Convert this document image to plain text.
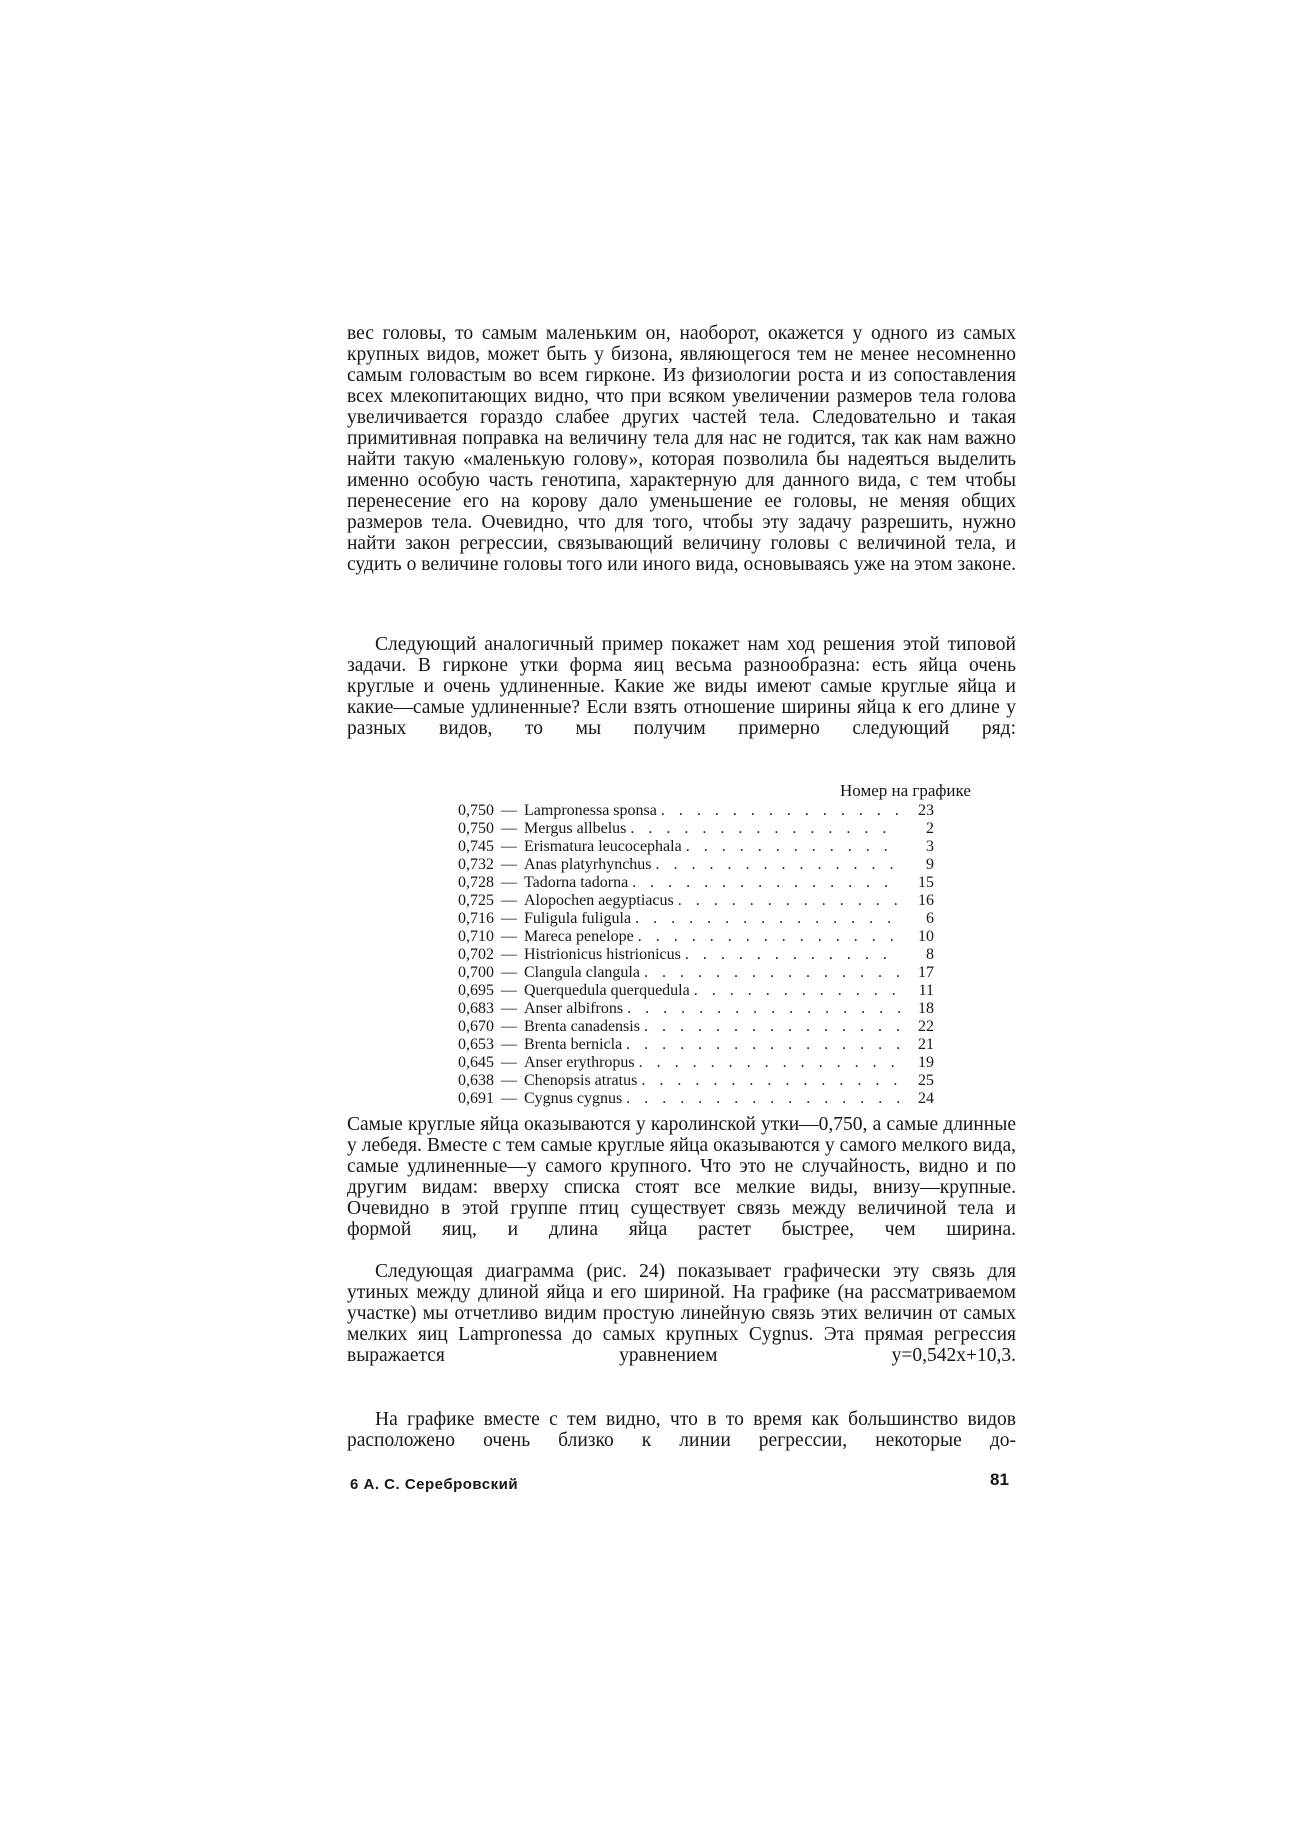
вес головы, то самым маленьким он, наоборот, окажется у одного из самых крупных видов, может быть у бизона, являющегося тем не менее несомненно самым головастым во всем гирконе. Из физиологии роста и из сопоставления всех млекопитающих видно, что при всяком увеличении размеров тела голова увеличивается гораздо слабее других частей тела. Следовательно и такая примитивная поправка на величину тела для нас не годится, так как нам важно найти такую «маленькую голову», которая позволила бы надеяться выделить именно особую часть генотипа, характерную для данного вида, с тем чтобы перенесение его на корову дало уменьшение ее головы, не меняя общих размеров тела. Очевидно, что для того, чтобы эту задачу разрешить, нужно найти закон регрессии, связывающий величину головы с величиной тела, и судить о величине головы того или иного вида, основываясь уже на этом законе.

Следующий аналогичный пример покажет нам ход решения этой типовой задачи. В гирконе утки форма яиц весьма разнообразна: есть яйца очень круглые и очень удлиненные. Какие же виды имеют самые круглые яйца и какие—самые удлиненные? Если взять отношение ширины яйца к его длине у разных видов, то мы получим примерно следующий ряд:

Номер на графике
0,750 — Lampronessa sponsa . . .	23
0,750 — Mergus allbelus . . .	2
0,745 — Erismatura leucocephala . . .	3
0,732 — Anas platyrhynchus . . .	9
0,728 — Tadorna tadorna . . .	15
0,725 — Alopochen aegyptiacus . . .	16
0,716 — Fuligula fuligula . . .	6
0,710 — Mareca penelope . . .	10
0,702 — Histrionicus histrionicus . . .	8
0,700 — Clangula clangula . . .	17
0,695 — Querquedula querquedula . . .	11
0,683 — Anser albifrons . . .	18
0,670 — Brenta canadensis . . .	22
0,653 — Brenta bernicla . . .	21
0,645 — Anser erythropus . . .	19
0,638 — Chenopsis atratus . . .	25
0,691 — Cygnus cygnus . . .	24

Самые круглые яйца оказываются у каролинской утки—0,750, а самые длинные у лебедя. Вместе с тем самые круглые яйца оказываются у самого мелкого вида, самые удлиненные—у самого крупного. Что это не случайность, видно и по другим видам: вверху списка стоят все мелкие виды, внизу—крупные. Очевидно в этой группе птиц существует связь между величиной тела и формой яиц, и длина яйца растет быстрее, чем ширина.

Следующая диаграмма (рис. 24) показывает графически эту связь для утиных между длиной яйца и его шириной. На графике (на рассматриваемом участке) мы отчетливо видим простую линейную связь этих величин от самых мелких яиц Lampronessa до самых крупных Cygnus. Эта прямая регрессия выражается уравнением y=0,542x+10,3.

На графике вместе с тем видно, что в то время как большинство видов расположено очень близко к линии регрессии, некоторые до-

6 А. С. Серебровский	81
